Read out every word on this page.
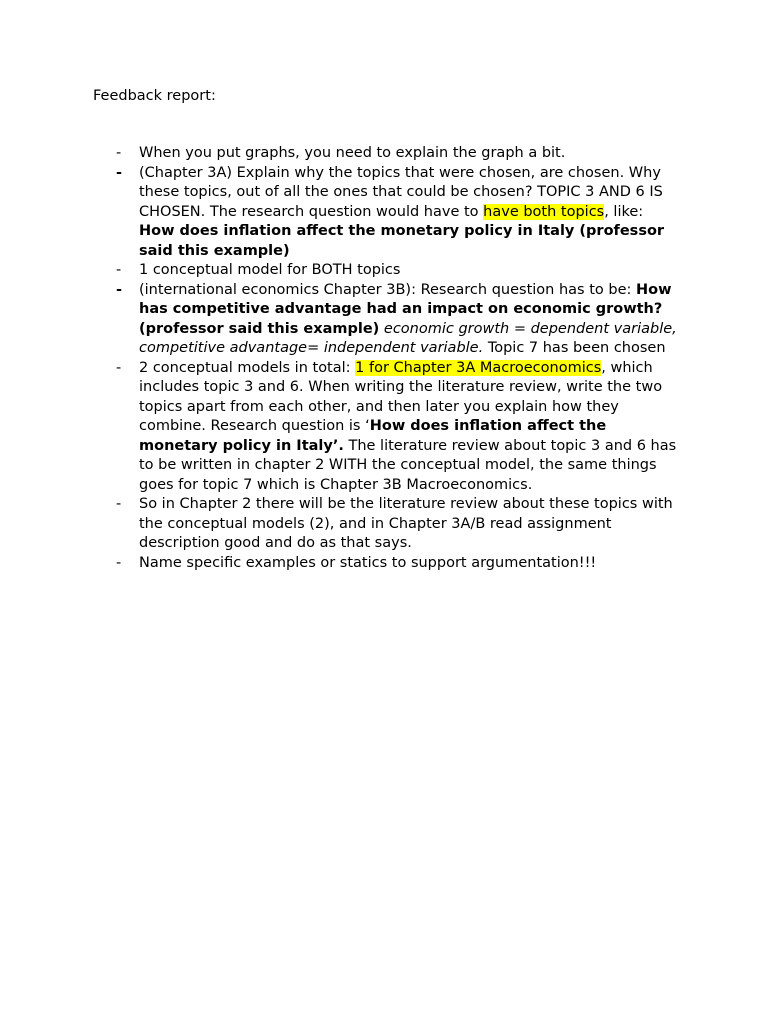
Feedback report:
-	When you put graphs, you need to explain the graph a bit.
-	(Chapter 3A) Explain why the topics that were chosen, are chosen. Why these topics, out of all the ones that could be chosen? TOPIC 3 AND 6 IS CHOSEN. The research question would have to have both topics, like: How does inflation affect the monetary policy in Italy (professor said this example)
-	1 conceptual model for BOTH topics
-	(international economics Chapter 3B): Research question has to be: How has competitive advantage had an impact on economic growth? (professor said this example) economic growth = dependent variable, competitive advantage= independent variable. Topic 7 has been chosen
-	2 conceptual models in total: 1 for Chapter 3A Macroeconomics, which includes topic 3 and 6. When writing the literature review, write the two topics apart from each other, and then later you explain how they combine. Research question is ‘How does inflation affect the monetary policy in Italy’. The literature review about topic 3 and 6 has to be written in chapter 2 WITH the conceptual model, the same things goes for topic 7 which is Chapter 3B Macroeconomics.
-	So in Chapter 2 there will be the literature review about these topics with the conceptual models (2), and in Chapter 3A/B read assignment description good and do as that says.
-	Name specific examples or statics to support argumentation!!!
